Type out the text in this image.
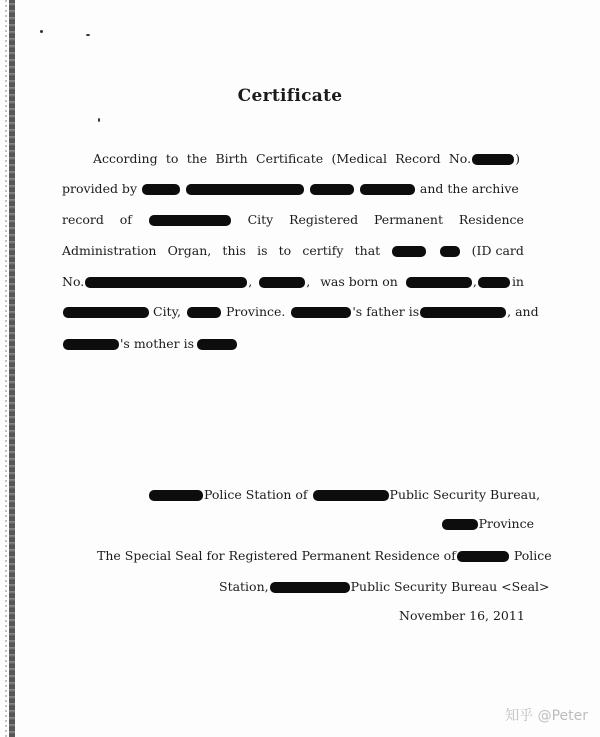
Certificate
According to the Birth Certificate (Medical Record No.	)
provided by	and the archive
record of	City Registered Permanent Residence
Administration Organ, this is to certify that	(ID card
No.	,	, was born on	,	in
City,	Province.	's father is	, and
's mother is
Police Station of	Public Security Bureau,
Province
The Special Seal for Registered Permanent Residence of	Police
Station,	Public Security Bureau <Seal>
November 16, 2011
知乎 @Peter
